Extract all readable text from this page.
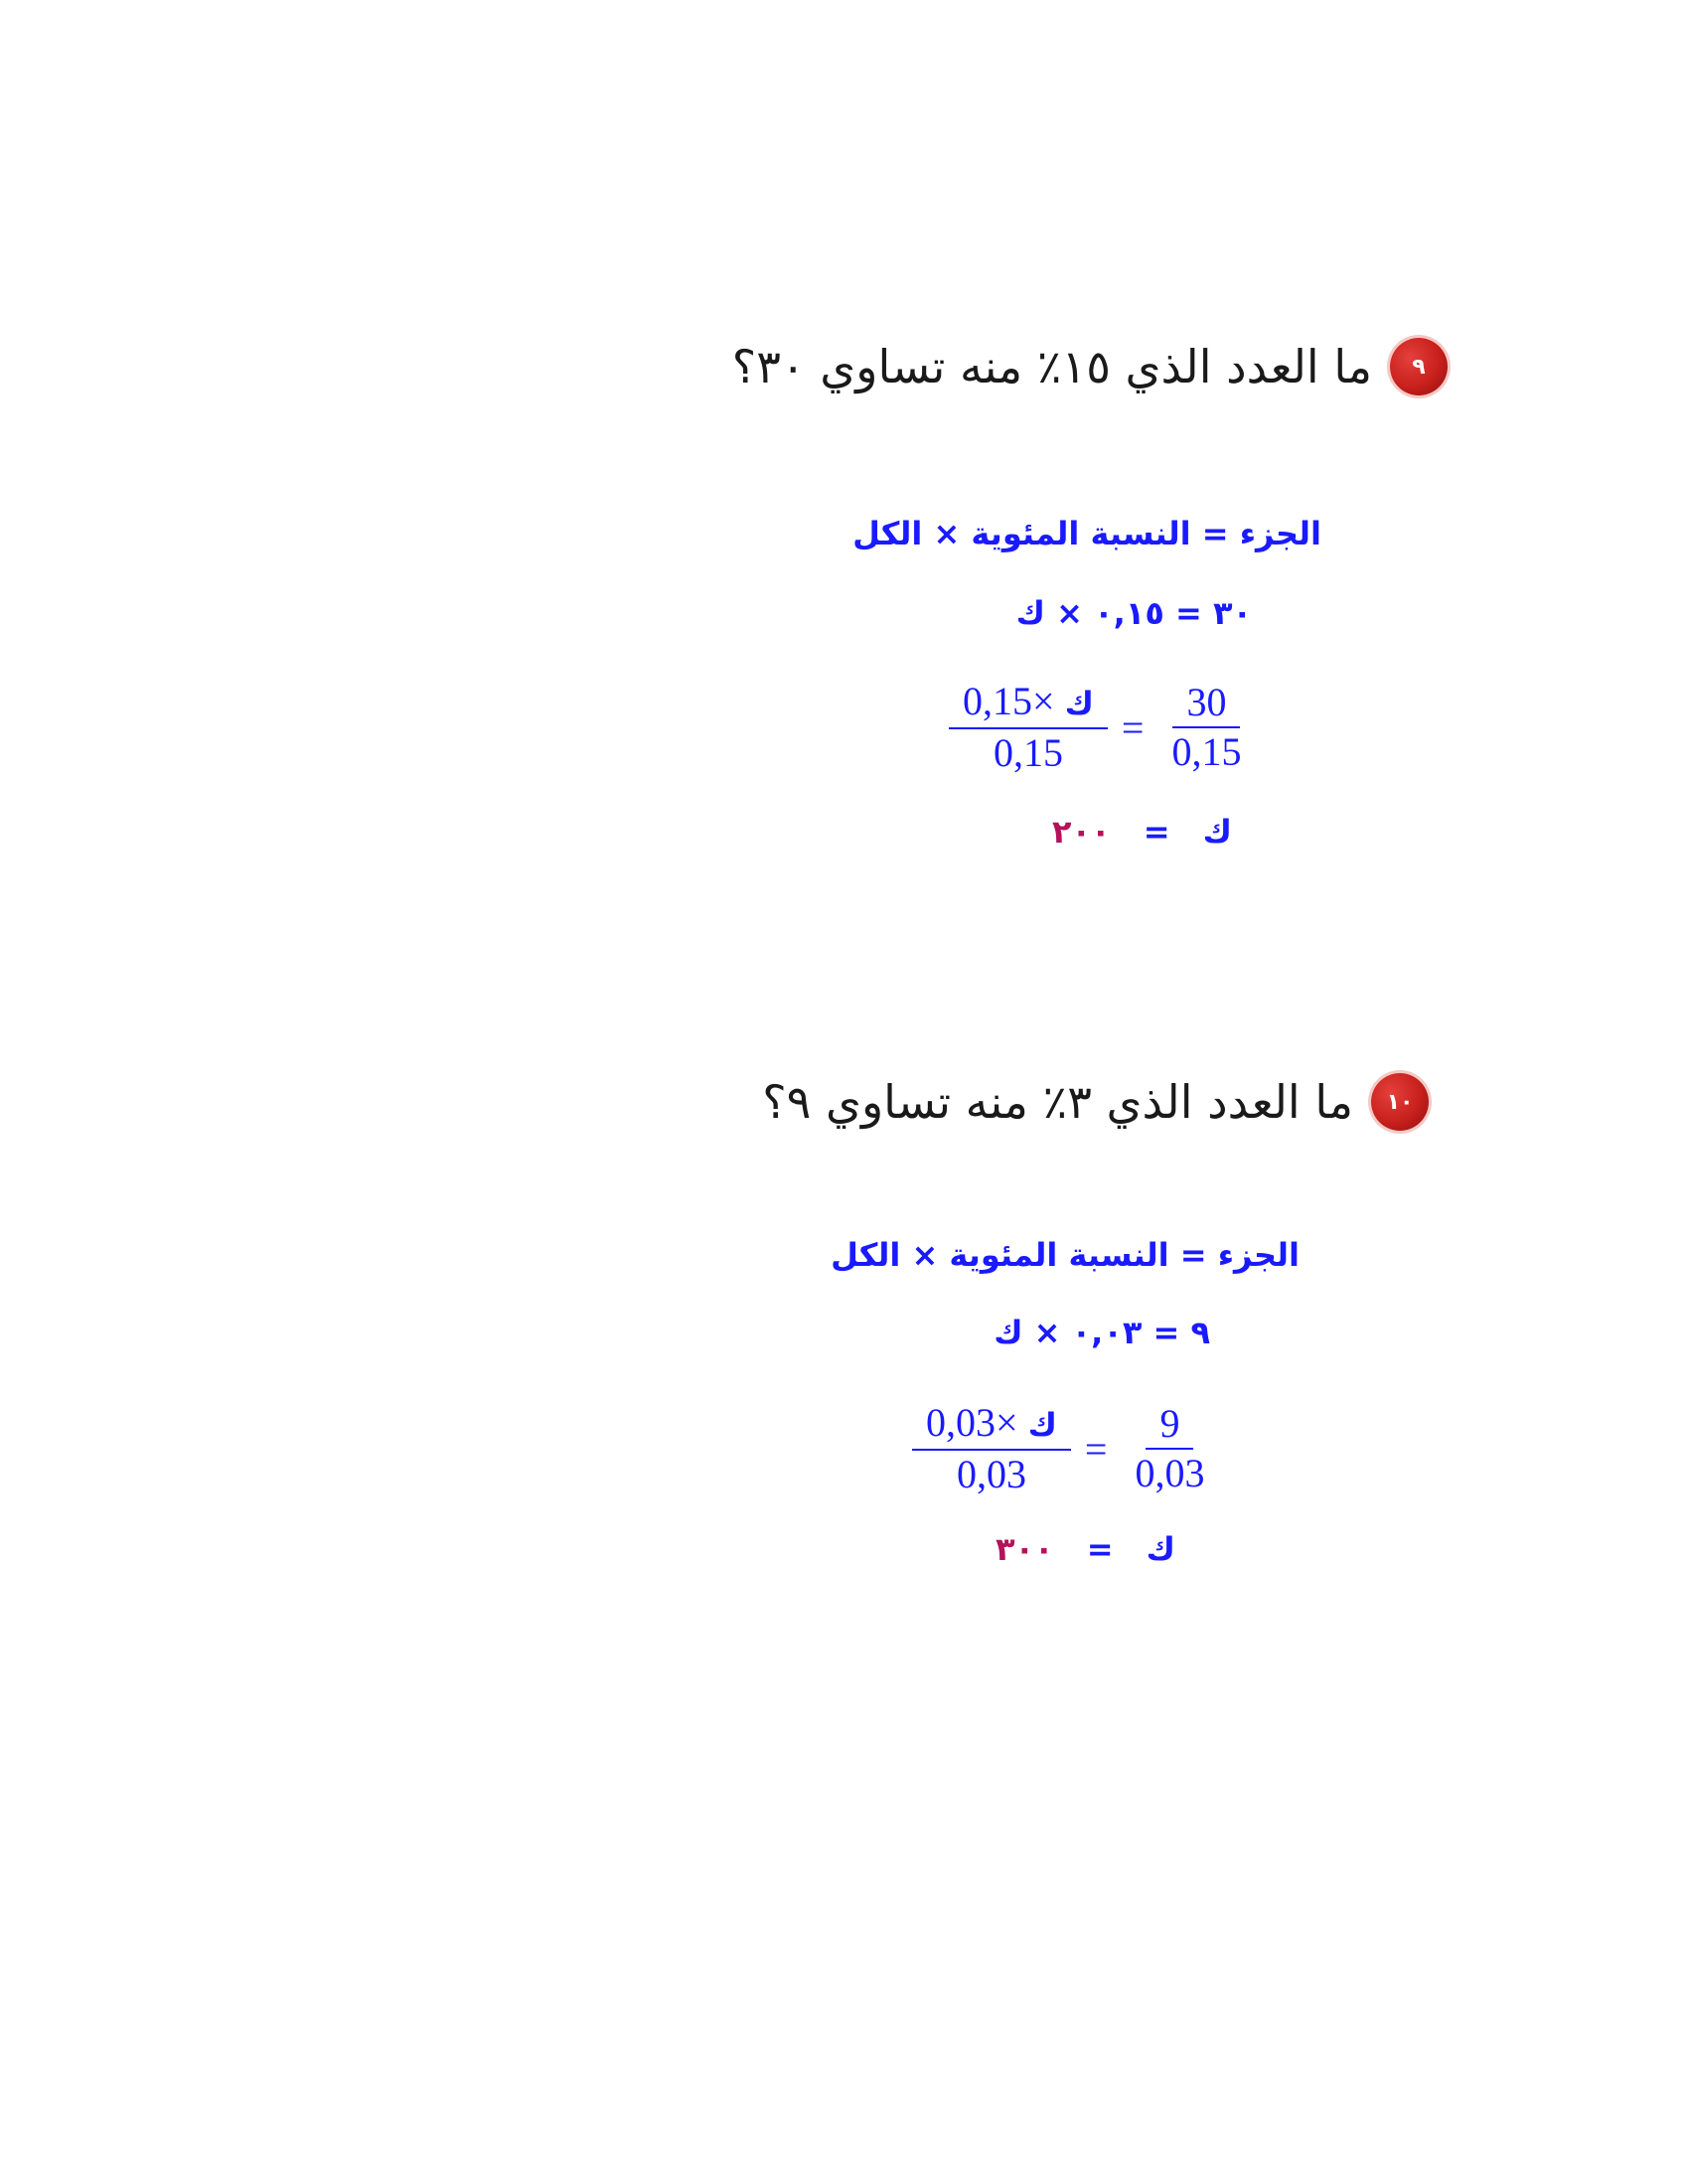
٩
ما العدد الذي ١٥٪ منه تساوي ٣٠؟
الجزء = النسبة المئوية × الكل
٣٠ = ٠,١٥ × ك
$\frac{\text{0,15× ك}}{0,15} = \frac{30}{0,15}$
ك = ٢٠٠
١٠
ما العدد الذي ٣٪ منه تساوي ٩؟
الجزء = النسبة المئوية × الكل
٩ = ٠,٠٣ × ك
$\frac{\text{0,03× ك}}{0,03} = \frac{9}{0,03}$
ك = ٣٠٠
